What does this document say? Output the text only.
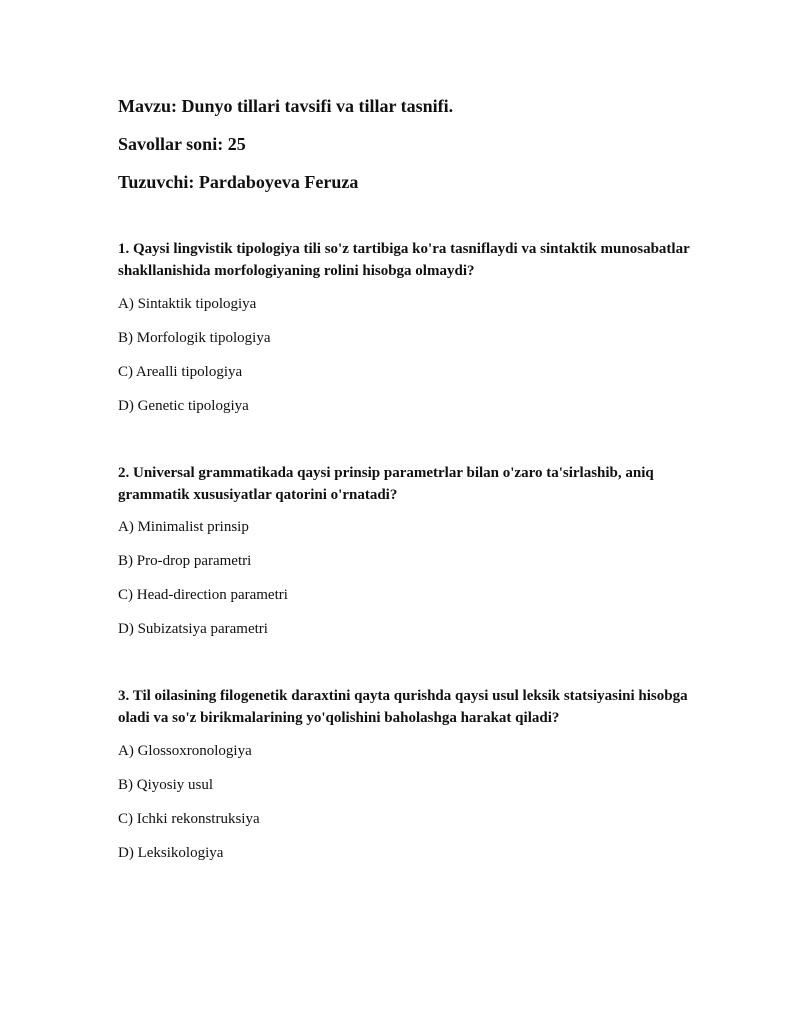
Mavzu: Dunyo tillari tavsifi va tillar tasnifi.
Savollar soni: 25
Tuzuvchi: Pardaboyeva Feruza

1. Qaysi lingvistik tipologiya tili so'z tartibiga ko'ra tasniflaydi va sintaktik munosabatlar shakllanishida morfologiyaning rolini hisobga olmaydi?

A) Sintaktik tipologiya
B) Morfologik tipologiya
C) Arealli tipologiya
D) Genetic tipologiya

2. Universal grammatikada qaysi prinsip parametrlar bilan o'zaro ta'sirlashib, aniq grammatik xususiyatlar qatorini o'rnatadi?

A) Minimalist prinsip
B) Pro-drop parametri
C) Head-direction parametri
D) Subizatsiya parametri

3. Til oilasining filogenetik daraxtini qayta qurishda qaysi usul leksik statsiyasini hisobga oladi va so'z birikmalarining yo'qolishini baholashga harakat qiladi?

A) Glossoxronologiya
B) Qiyosiy usul
C) Ichki rekonstruksiya
D) Leksikologiya
